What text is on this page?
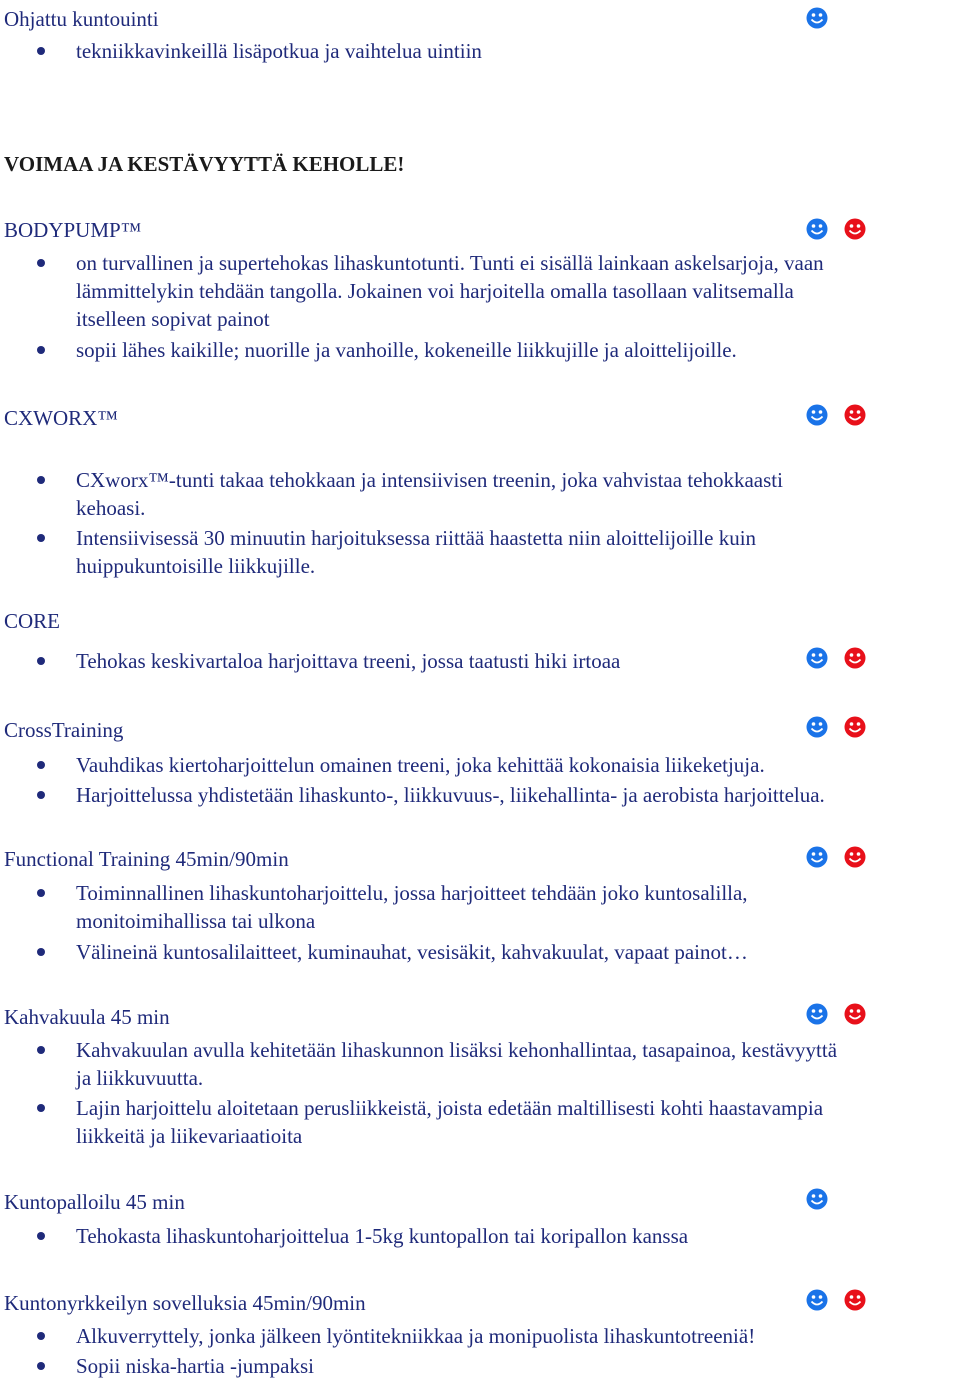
Ohjattu kuntouinti
tekniikkavinkeillä lisäpotkua ja vaihtelua uintiin
VOIMAA JA KESTÄVYYTTÄ KEHOLLE!
BODYPUMP™
on turvallinen ja supertehokas lihaskuntotunti. Tunti ei sisällä lainkaan askelsarjoja, vaan
lämmittelykin tehdään tangolla. Jokainen voi harjoitella omalla tasollaan valitsemalla
itselleen sopivat painot
sopii lähes kaikille; nuorille ja vanhoille, kokeneille liikkujille ja aloittelijoille.
CXWORX™
CXworx™-tunti takaa tehokkaan ja intensiivisen treenin, joka vahvistaa tehokkaasti
kehoasi.
Intensiivisessä 30 minuutin harjoituksessa riittää haastetta niin aloittelijoille kuin
huippukuntoisille liikkujille.
CORE
Tehokas keskivartaloa harjoittava treeni, jossa taatusti hiki irtoaa
CrossTraining
Vauhdikas kiertoharjoittelun omainen treeni, joka kehittää kokonaisia liikeketjuja.
Harjoittelussa yhdistetään lihaskunto-, liikkuvuus-, liikehallinta- ja aerobista harjoittelua.
Functional Training 45min/90min
Toiminnallinen lihaskuntoharjoittelu, jossa harjoitteet tehdään joko kuntosalilla,
monitoimihallissa tai ulkona
Välineinä kuntosalilaitteet, kuminauhat, vesisäkit, kahvakuulat, vapaat painot…
Kahvakuula 45 min
Kahvakuulan avulla kehitetään lihaskunnon lisäksi kehonhallintaa, tasapainoa, kestävyyttä
ja liikkuvuutta.
Lajin harjoittelu aloitetaan perusliikkeistä, joista edetään maltillisesti kohti haastavampia
liikkeitä ja liikevariaatioita
Kuntopalloilu 45 min
Tehokasta lihaskuntoharjoittelua 1-5kg kuntopallon tai koripallon kanssa
Kuntonyrkkeilyn sovelluksia 45min/90min
Alkuverryttely, jonka jälkeen lyöntitekniikkaa ja monipuolista lihaskuntotreeniä!
Sopii niska-hartia -jumpaksi
